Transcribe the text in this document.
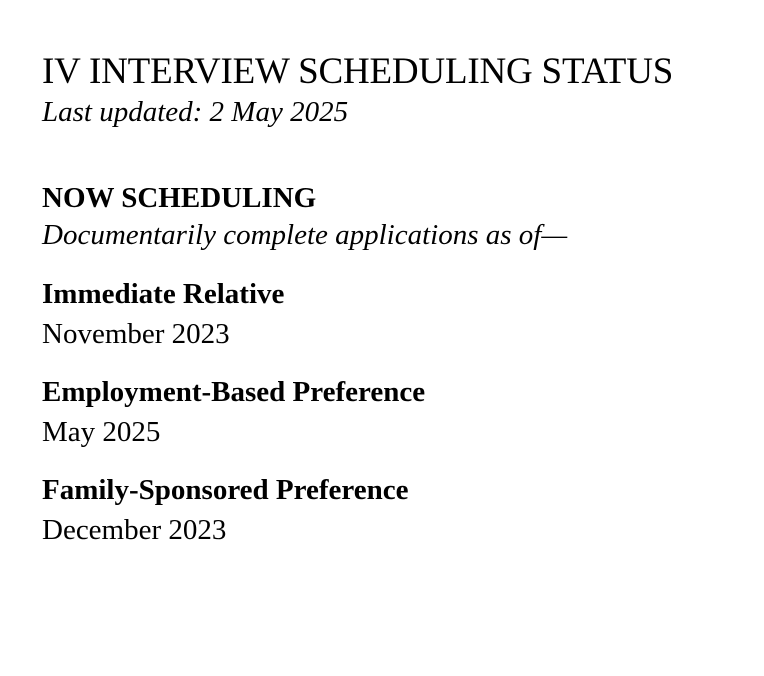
IV INTERVIEW SCHEDULING STATUS

Last updated: 2 May 2025

NOW SCHEDULING

Documentarily complete applications as of—

Immediate Relative

November 2023

Employment-Based Preference

May 2025

Family-Sponsored Preference

December 2023
